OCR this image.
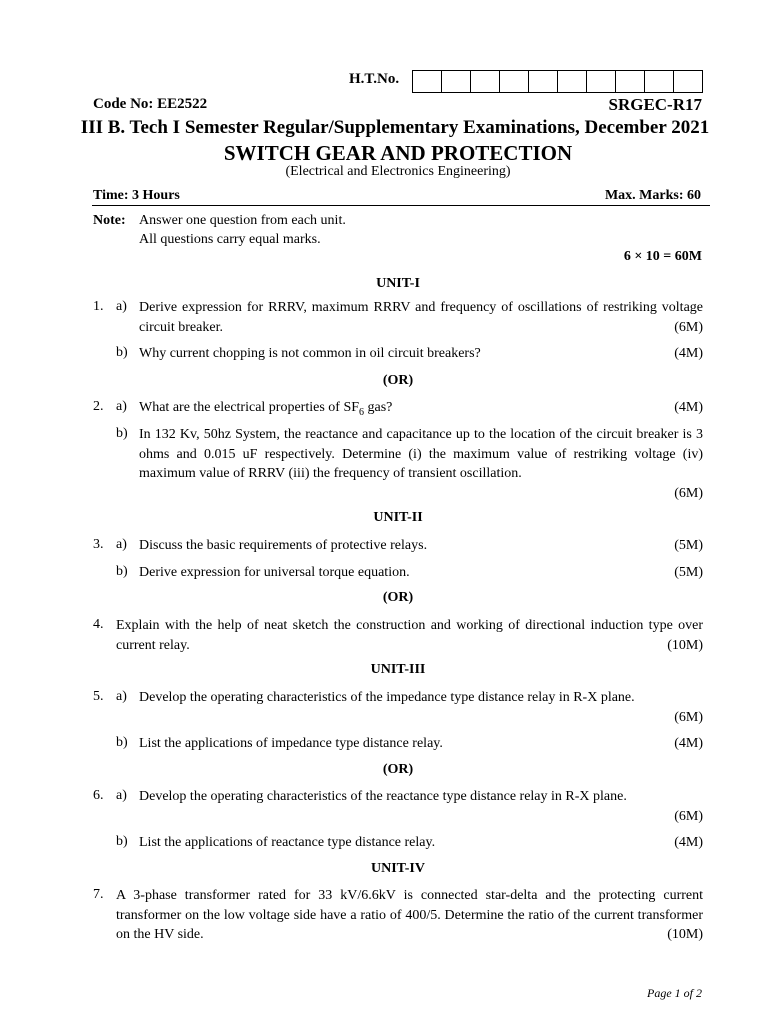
H.T.No.
Code No: EE2522	SRGEC-R17
III B. Tech I Semester Regular/Supplementary Examinations, December 2021
SWITCH GEAR AND PROTECTION
(Electrical and Electronics Engineering)
Time: 3 Hours	Max. Marks: 60
Note: Answer one question from each unit.
All questions carry equal marks.
6 × 10 = 60M
UNIT-I
1. a) Derive expression for RRRV, maximum RRRV and frequency of oscillations of restriking voltage circuit breaker.	(6M)
b) Why current chopping is not common in oil circuit breakers?	(4M)
(OR)
2. a) What are the electrical properties of $SF_6$ gas?	(4M)
b) In 132 Kv, 50hz System, the reactance and capacitance up to the location of the circuit breaker is 3 ohms and 0.015 uF respectively. Determine (i) the maximum value of restriking voltage (iv) maximum value of RRRV (iii) the frequency of transient oscillation.
(6M)
UNIT-II
3. a) Discuss the basic requirements of protective relays.	(5M)
b) Derive expression for universal torque equation.	(5M)
(OR)
4. Explain with the help of neat sketch the construction and working of directional induction type over current relay.	(10M)
UNIT-III
5. a) Develop the operating characteristics of the impedance type distance relay in R-X plane.
(6M)
b) List the applications of impedance type distance relay.	(4M)
(OR)
6. a) Develop the operating characteristics of the reactance type distance relay in R-X plane.
(6M)
b) List the applications of reactance type distance relay.	(4M)
UNIT-IV
7. A 3-phase transformer rated for 33 kV/6.6kV is connected star-delta and the protecting current transformer on the low voltage side have a ratio of 400/5. Determine the ratio of the current transformer on the HV side.	(10M)
Page 1 of 2
